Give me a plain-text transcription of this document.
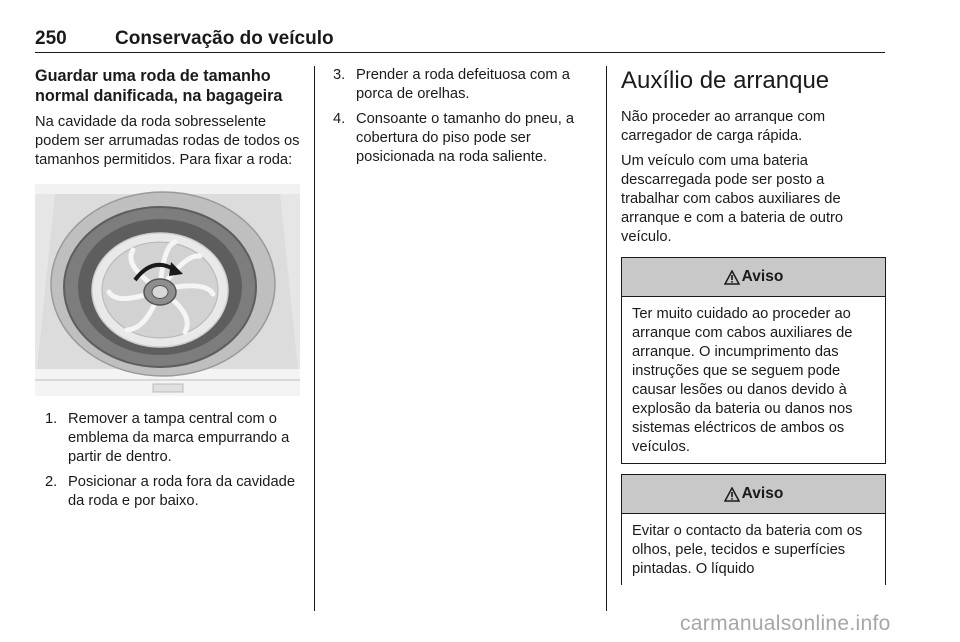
250	Conservação do veículo
Guardar uma roda de tamanho normal danificada, na bagageira

Na cavidade da roda sobresselente podem ser arrumadas rodas de todos os tamanhos permitidos. Para fixar a roda:

1. Remover a tampa central com o emblema da marca empurrando a partir de dentro.
2. Posicionar a roda fora da cavidade da roda e por baixo.
3. Prender a roda defeituosa com a porca de orelhas.
4. Consoante o tamanho do pneu, a cobertura do piso pode ser posicionada na roda saliente.
Auxílio de arranque

Não proceder ao arranque com carregador de carga rápida.

Um veículo com uma bateria descarregada pode ser posto a trabalhar com cabos auxiliares de arranque e com a bateria de outro veículo.

Aviso
Ter muito cuidado ao proceder ao arranque com cabos auxiliares de arranque. O incumprimento das instruções que se seguem pode causar lesões ou danos devido à explosão da bateria ou danos nos sistemas eléctricos de ambos os veículos.
Aviso
Evitar o contacto da bateria com os olhos, pele, tecidos e superfícies pintadas. O líquido
carmanualsonline.info
